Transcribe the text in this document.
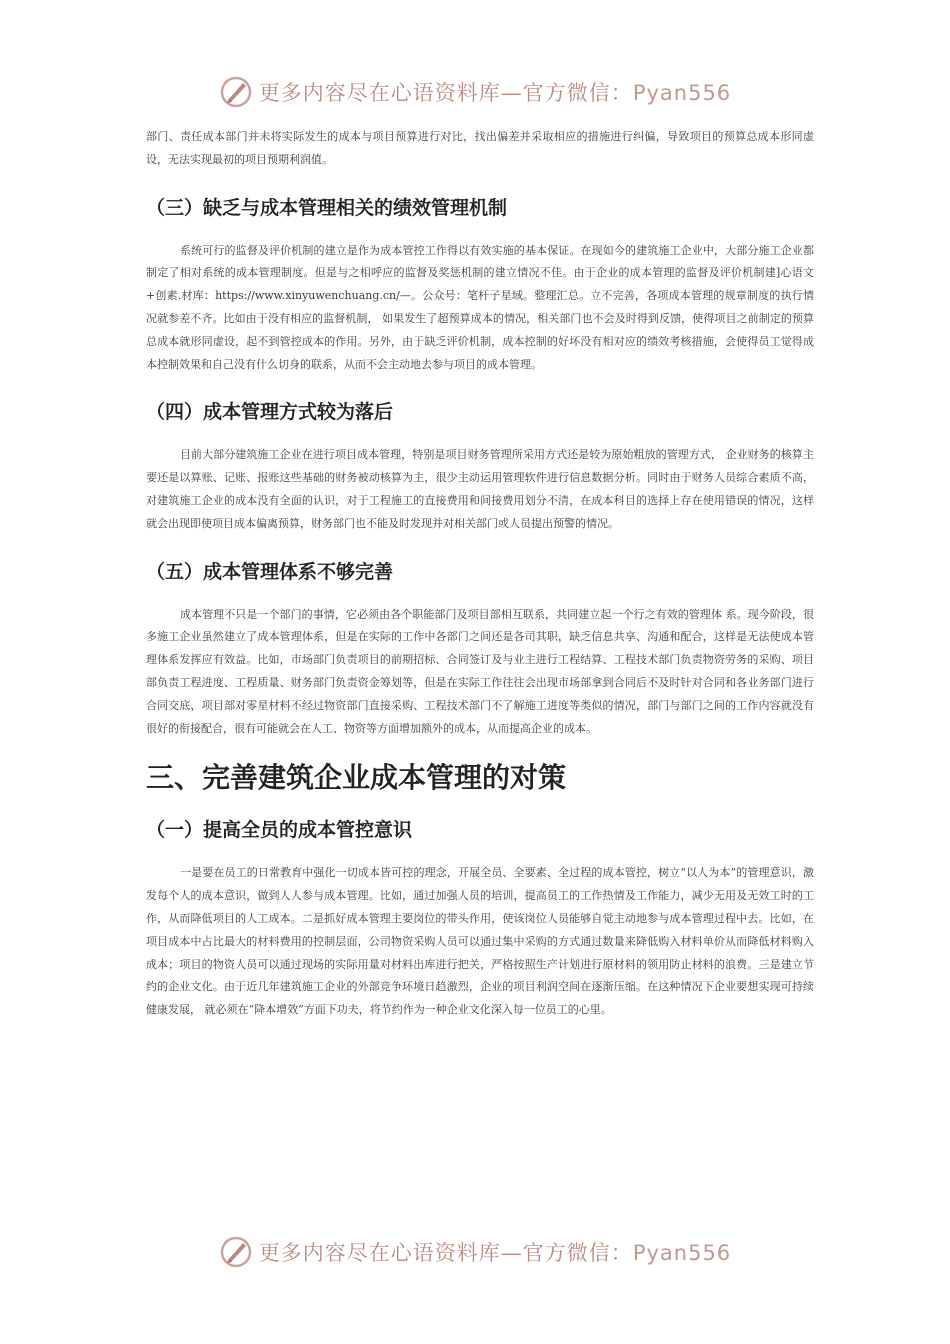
更多内容尽在心语资料库—官方微信：Pyan556

部门、责任成本部门并未将实际发生的成本与项目预算进行对比，找出偏差并采取相应的措施进行纠偏，导致项目的预算总成本形同虚设，无法实现最初的项目预期利润值。

（三）缺乏与成本管理相关的绩效管理机制

系统可行的监督及评价机制的建立是作为成本管控工作得以有效实施的基本保证。在现如今的建筑施工企业中，大部分施工企业都制定了相对系统的成本管理制度。但是与之相呼应的监督及奖惩机制的建立情况不佳。由于企业的成本管理的监督及评价机制建]心语文+创素.材库：https://www.xinyuwenchuang.cn/—。公众号：笔杆子星域。整理汇总。立不完善，各项成本管理的规章制度的执行情况就参差不齐。比如由于没有相应的监督机制， 如果发生了超预算成本的情况，相关部门也不会及时得到反馈，使得项目之前制定的预算总成本就形同虚设，起不到管控成本的作用。另外，由于缺乏评价机制，成本控制的好坏没有相对应的绩效考核措施，会使得员工觉得成本控制效果和自己没有什么切身的联系，从而不会主动地去参与项目的成本管理。

（四）成本管理方式较为落后

目前大部分建筑施工企业在进行项目成本管理，特别是项目财务管理所采用方式还是较为原始粗放的管理方式， 企业财务的核算主要还是以算账、记账、报账这些基础的财务被动核算为主，很少主动运用管理软件进行信息数据分析。同时由于财务人员综合素质不高，对建筑施工企业的成本没有全面的认识，对于工程施工的直接费用和间接费用划分不清，在成本科目的选择上存在使用错误的情况，这样就会出现即使项目成本偏离预算，财务部门也不能及时发现并对相关部门或人员提出预警的情况。

（五）成本管理体系不够完善

成本管理不只是一个部门的事情，它必须由各个职能部门及项目部相互联系，共同建立起一个行之有效的管理体 系。现今阶段，很多施工企业虽然建立了成本管理体系，但是在实际的工作中各部门之间还是各司其职，缺乏信息共享、沟通和配合，这样是无法使成本管理体系发挥应有效益。比如，市场部门负责项目的前期招标、合同签订及与业主进行工程结算、工程技术部门负责物资劳务的采购、项目部负责工程进度、工程质量、财务部门负责资金筹划等，但是在实际工作往往会出现市场部拿到合同后不及时针对合同和各业务部门进行合同交底，项目部对零星材料不经过物资部门直接采购、工程技术部门不了解施工进度等类似的情况，部门与部门之间的工作内容就没有很好的衔接配合，很有可能就会在人工、物资等方面增加额外的成本，从而提高企业的成本。

三、完善建筑企业成本管理的对策
（一）提高全员的成本管控意识

一是要在员工的日常教育中强化一切成本皆可控的理念，开展全员、全要素、全过程的成本管控，树立“以人为本”的管理意识，激发每个人的成本意识，做到人人参与成本管理。比如，通过加强人员的培训，提高员工的工作热情及工作能力，减少无用及无效工时的工作，从而降低项目的人工成本。二是抓好成本管理主要岗位的带头作用，使该岗位人员能够自觉主动地参与成本管理过程中去。比如，在项目成本中占比最大的材料费用的控制层面，公司物资采购人员可以通过集中采购的方式通过数量来降低购入材料单价从而降低材料购入成本；项目的物资人员可以通过现场的实际用量对材料出库进行把关，严格按照生产计划进行原材料的领用防止材料的浪费。三是建立节约的企业文化。由于近几年建筑施工企业的外部竞争环境日趋激烈，企业的项目利润空间在逐渐压缩。在这种情况下企业要想实现可持续健康发展， 就必须在“降本增效”方面下功夫，将节约作为一种企业文化深入每一位员工的心里。

更多内容尽在心语资料库—官方微信：Pyan556
